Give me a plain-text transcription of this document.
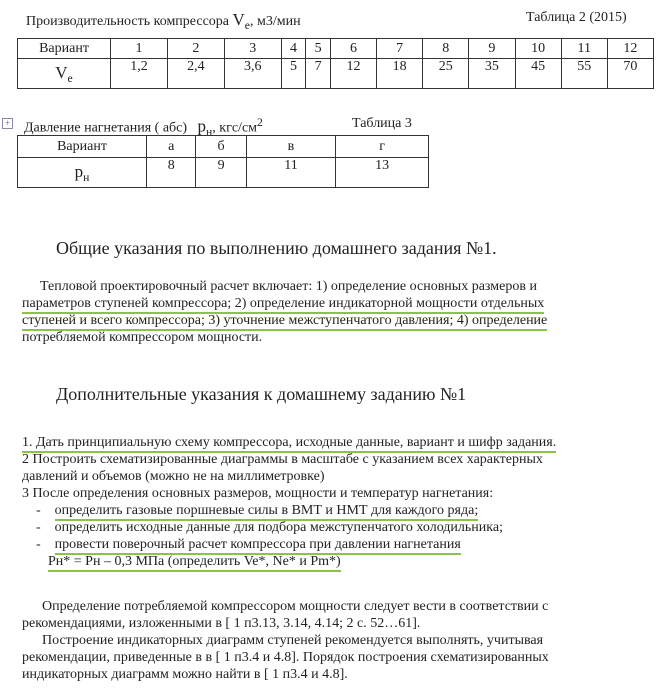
Производительность компрессора $V_e$, м3/мин	Таблица 2 (2015)
Вариант	1	2	3	4	5	6	7	8	9	10	11	12
$V_e$	1,2	2,4	3,6	5	7	12	18	25	35	45	55	70
+ Давление нагнетания ( абс) $p_н$, кгс/$см^2$	Таблица 3
Вариант	а	б	в	г
$p_н$	8	9	11	13
Общие указания по выполнению домашнего задания №1.
Тепловой проектировочный расчет включает: 1) определение основных размеров и
параметров ступеней компрессора; 2) определение индикаторной мощности отдельных
ступеней и всего компрессора; 3) уточнение межступенчатого давления; 4) определение
потребляемой компрессором мощности.
Дополнительные указания к домашнему заданию №1
1. Дать принципиальную схему компрессора, исходные данные, вариант и шифр задания.
2 Построить схематизированные диаграммы в масштабе с указанием всех характерных
давлений и объемов (можно не на миллиметровке)
3 После определения основных размеров, мощности и температур нагнетания:
-    определить газовые поршневые силы в ВМТ и НМТ для каждого ряда;
-    определить исходные данные для подбора межступенчатого холодильника;
-    провести поверочный расчет компрессора при давлении нагнетания
Рн* = Рн – 0,3 МПа (определить Ve*, Ne* и Pm*)
Определение потребляемой компрессором мощности следует вести в соответствии с
рекомендациями, изложенными в [ 1 п3.13, 3.14, 4.14; 2 с. 52…61].
Построение индикаторных диаграмм ступеней рекомендуется выполнять, учитывая
рекомендации, приведенные в в [ 1 п3.4 и 4.8]. Порядок построения схематизированных
индикаторных диаграмм можно найти в [ 1 п3.4 и 4.8].
